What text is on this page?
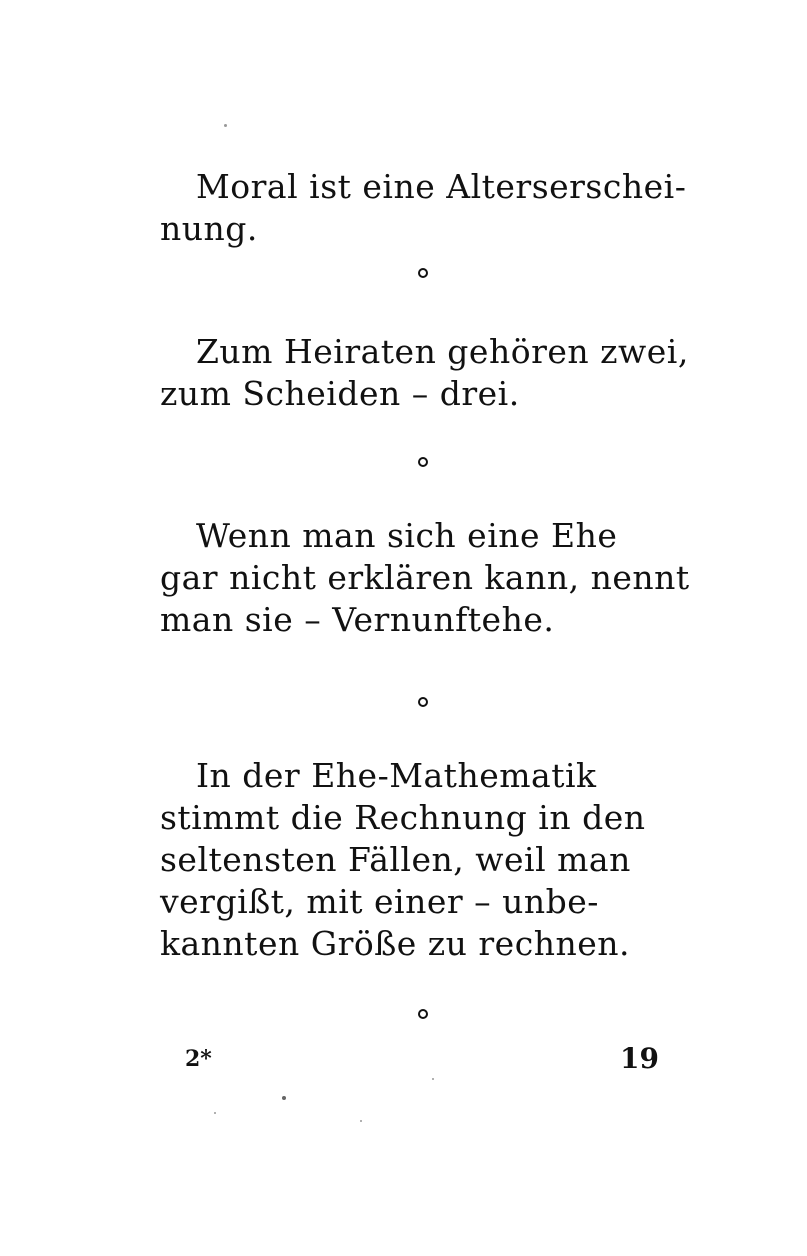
Moral ist eine Alterserschei-
nung.
Zum Heiraten gehören zwei,
zum Scheiden – drei.
Wenn man sich eine Ehe
gar nicht erklären kann, nennt
man sie – Vernunftehe.
In der Ehe-Mathematik
stimmt die Rechnung in den
seltensten Fällen, weil man
vergißt, mit einer – unbe-
kannten Größe zu rechnen.
2*	19
